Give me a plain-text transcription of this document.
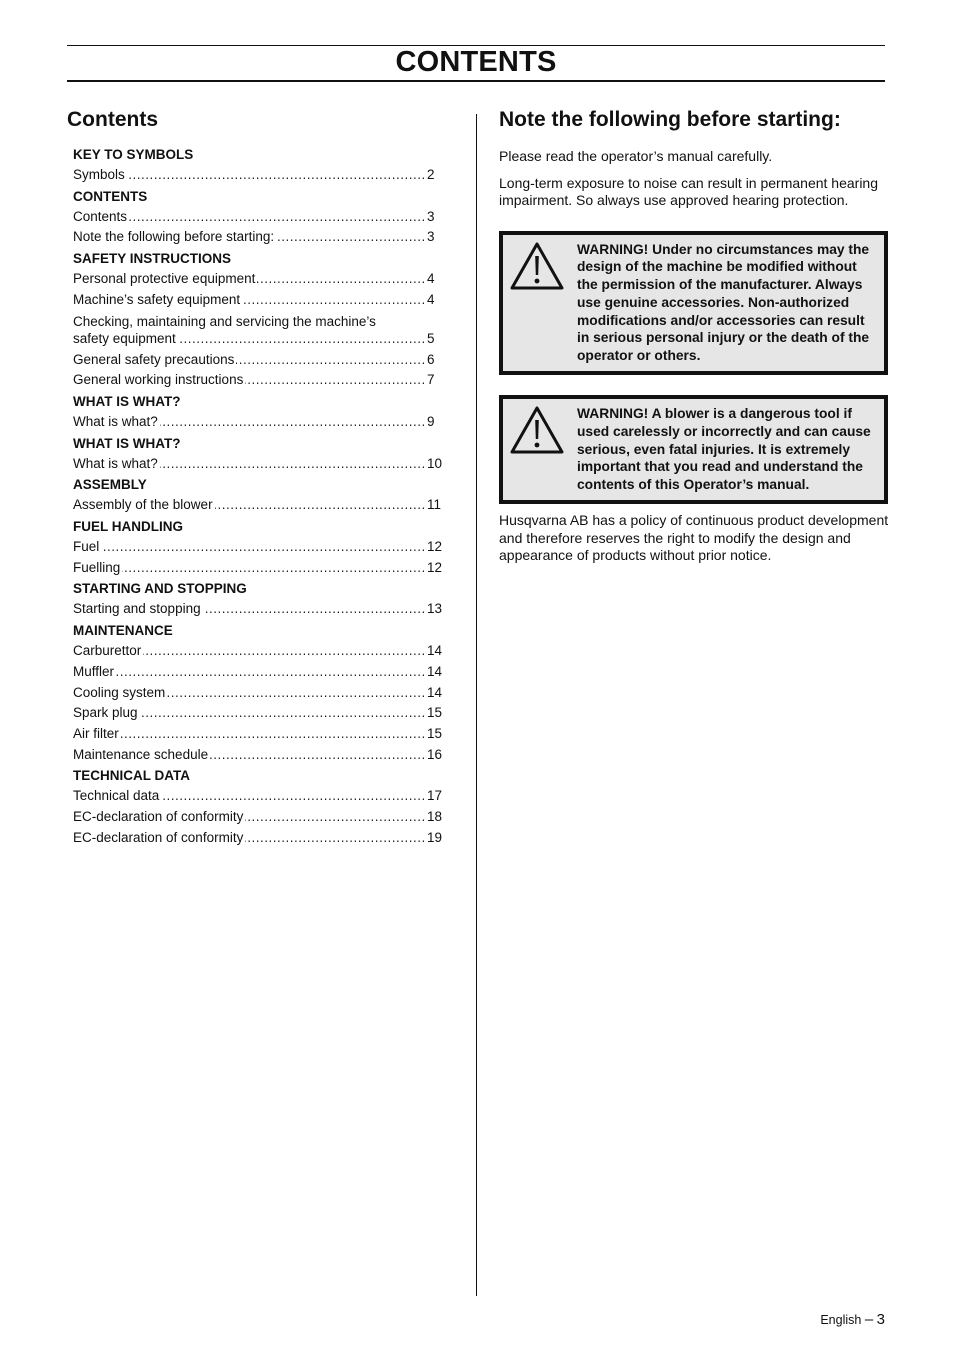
CONTENTS
Contents
KEY TO SYMBOLS
Symbols .....	2
CONTENTS
Contents .....	3
Note the following before starting: .....	3
SAFETY INSTRUCTIONS
Personal protective equipment .....	4
Machine’s safety equipment .....	4
Checking, maintaining and servicing the machine’s
safety equipment .....	5
General safety precautions .....	6
General working instructions .....	7
WHAT IS WHAT?
What is what? .....	9
WHAT IS WHAT?
What is what? .....	10
ASSEMBLY
Assembly of the blower .....	11
FUEL HANDLING
Fuel .....	12
Fuelling .....	12
STARTING AND STOPPING
Starting and stopping .....	13
MAINTENANCE
Carburettor .....	14
Muffler .....	14
Cooling system .....	14
Spark plug .....	15
Air filter .....	15
Maintenance schedule .....	16
TECHNICAL DATA
Technical data .....	17
EC-declaration of conformity .....	18
EC-declaration of conformity .....	19
Note the following before starting:

Please read the operator’s manual carefully.

Long-term exposure to noise can result in permanent hearing impairment. So always use approved hearing protection.

WARNING! Under no circumstances may the design of the machine be modified without the permission of the manufacturer. Always use genuine accessories. Non-authorized modifications and/or accessories can result in serious personal injury or the death of the operator or others.
WARNING! A blower is a dangerous tool if used carelessly or incorrectly and can cause serious, even fatal injuries. It is extremely important that you read and understand the contents of this Operator’s manual.

Husqvarna AB has a policy of continuous product development and therefore reserves the right to modify the design and appearance of products without prior notice.

English – 3
